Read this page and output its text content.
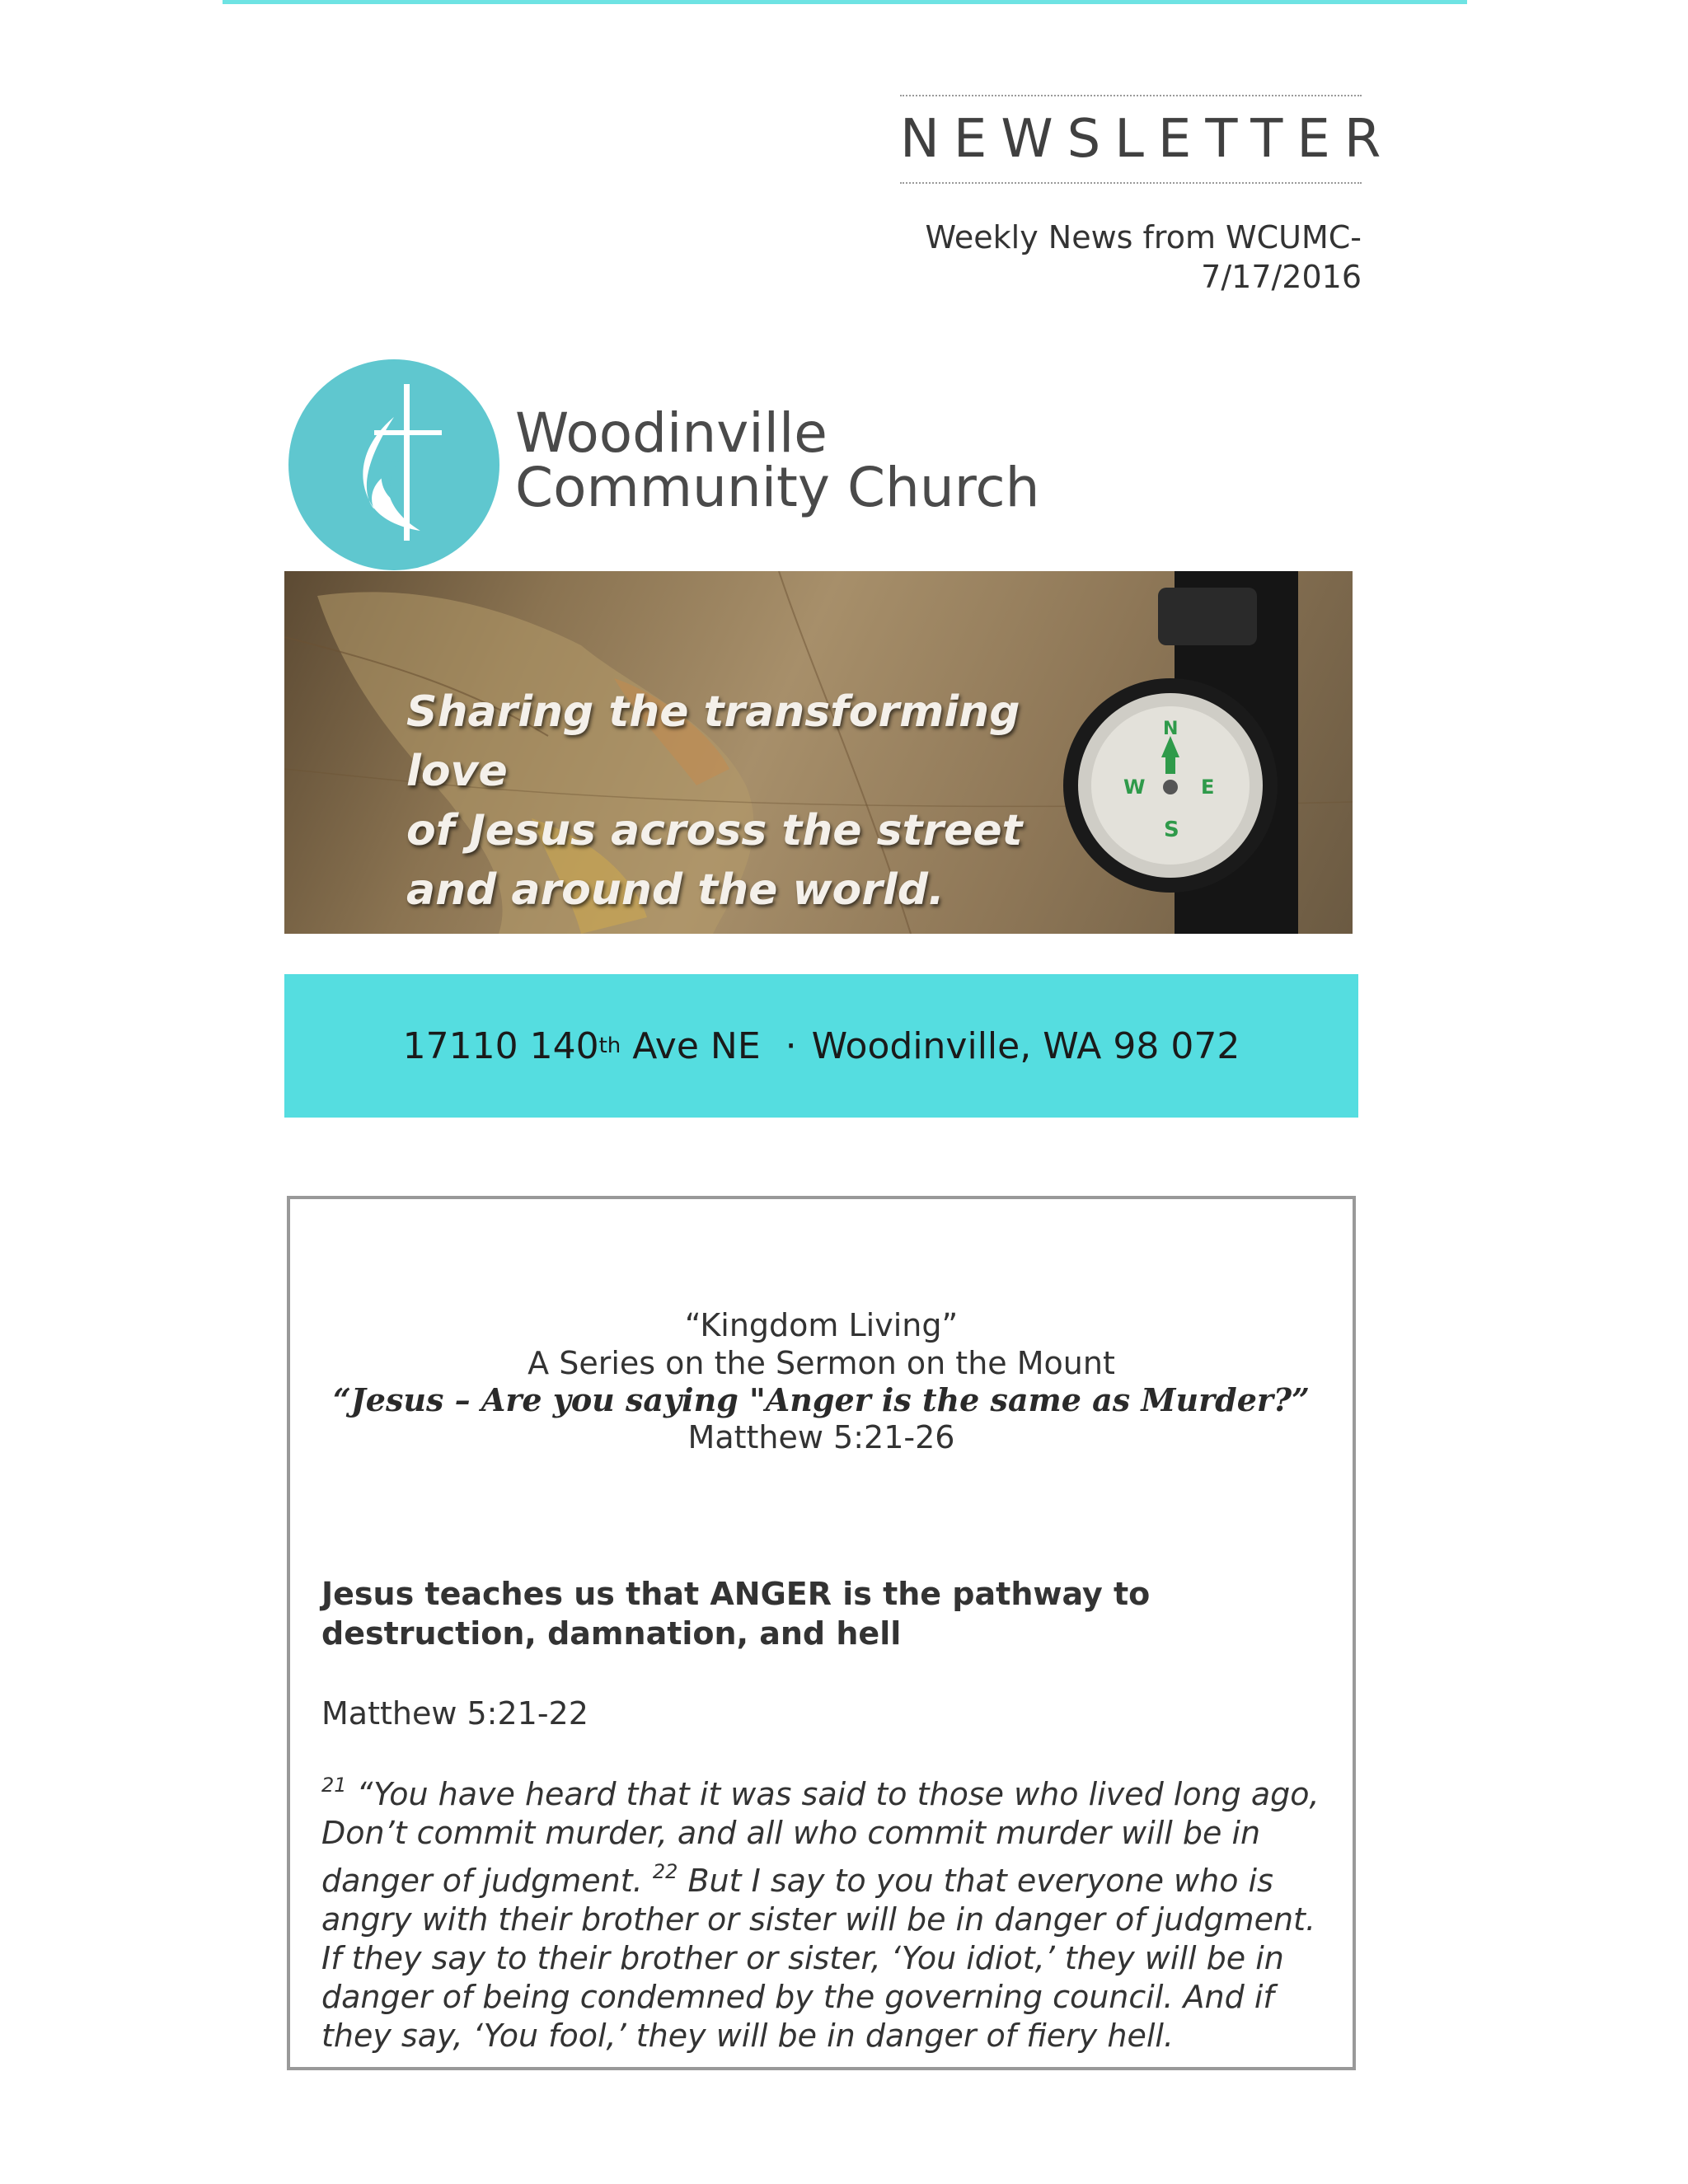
NEWSLETTER
Weekly News from WCUMC-
7/17/2016
Woodinville
Community Church
S
E
W
N
Sharing the transforming love
of Jesus across the street
and around the world.
17110 140 th Ave NE · Woodinville, WA 98 072
“Kingdom Living”
A Series on the Sermon on the Mount
“Jesus – Are you saying "Anger is the same as Murder?”
Matthew 5:21-26
Jesus teaches us that ANGER is the pathway to destruction, damnation, and hell
Matthew 5:21-22
$^{21}$ “You have heard that it was said to those who lived long ago, Don’t commit murder, and all who commit murder will be in danger of judgment. $^{22}$ But I say to you that everyone who is angry with their brother or sister will be in danger of judgment. If they say to their brother or sister, ‘You idiot,’ they will be in danger of being condemned by the governing council. And if they say, ‘You fool,’ they will be in danger of fiery hell.
